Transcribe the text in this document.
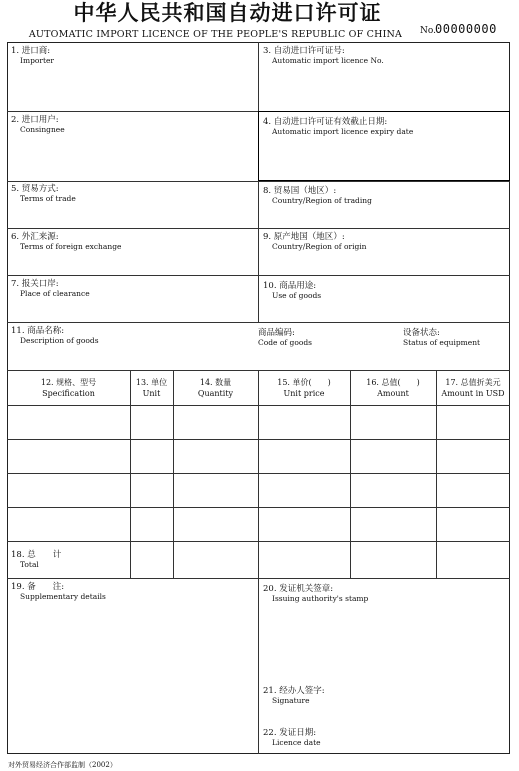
中华人民共和国自动进口许可证
AUTOMATIC IMPORT LICENCE OF THE PEOPLE'S REPUBLIC OF CHINA	No. 00000000
1. 进口商:
Importer
3. 自动进口许可证号:
Automatic import licence No.
2. 进口用户:
Consingnee
4. 自动进口许可证有效截止日期:
Automatic import licence expiry date
5. 贸易方式:
Terms of trade
8. 贸易国（地区）:
Country/Region of trading
6. 外汇来源:
Terms of foreign exchange
9. 原产地国（地区）:
Country/Region of origin
7. 报关口岸:
Place of clearance
10. 商品用途:
Use of goods
11. 商品名称:
Description of goods
商品编码:
Code of goods
设备状态:
Status of equipment
12. 规格、型号
Specification
13. 单位
Unit
14. 数量
Quantity
15. 单价(　　)
Unit price
16. 总值(　　)
Amount
17. 总值折美元
Amount in USD
18. 总　　计
Total
19. 备　　注:
Supplementary details
20. 发证机关签章:
Issuing authority's stamp
21. 经办人签字:
Signature
22. 发证日期:
Licence date
对外贸易经济合作部监制（2002）
